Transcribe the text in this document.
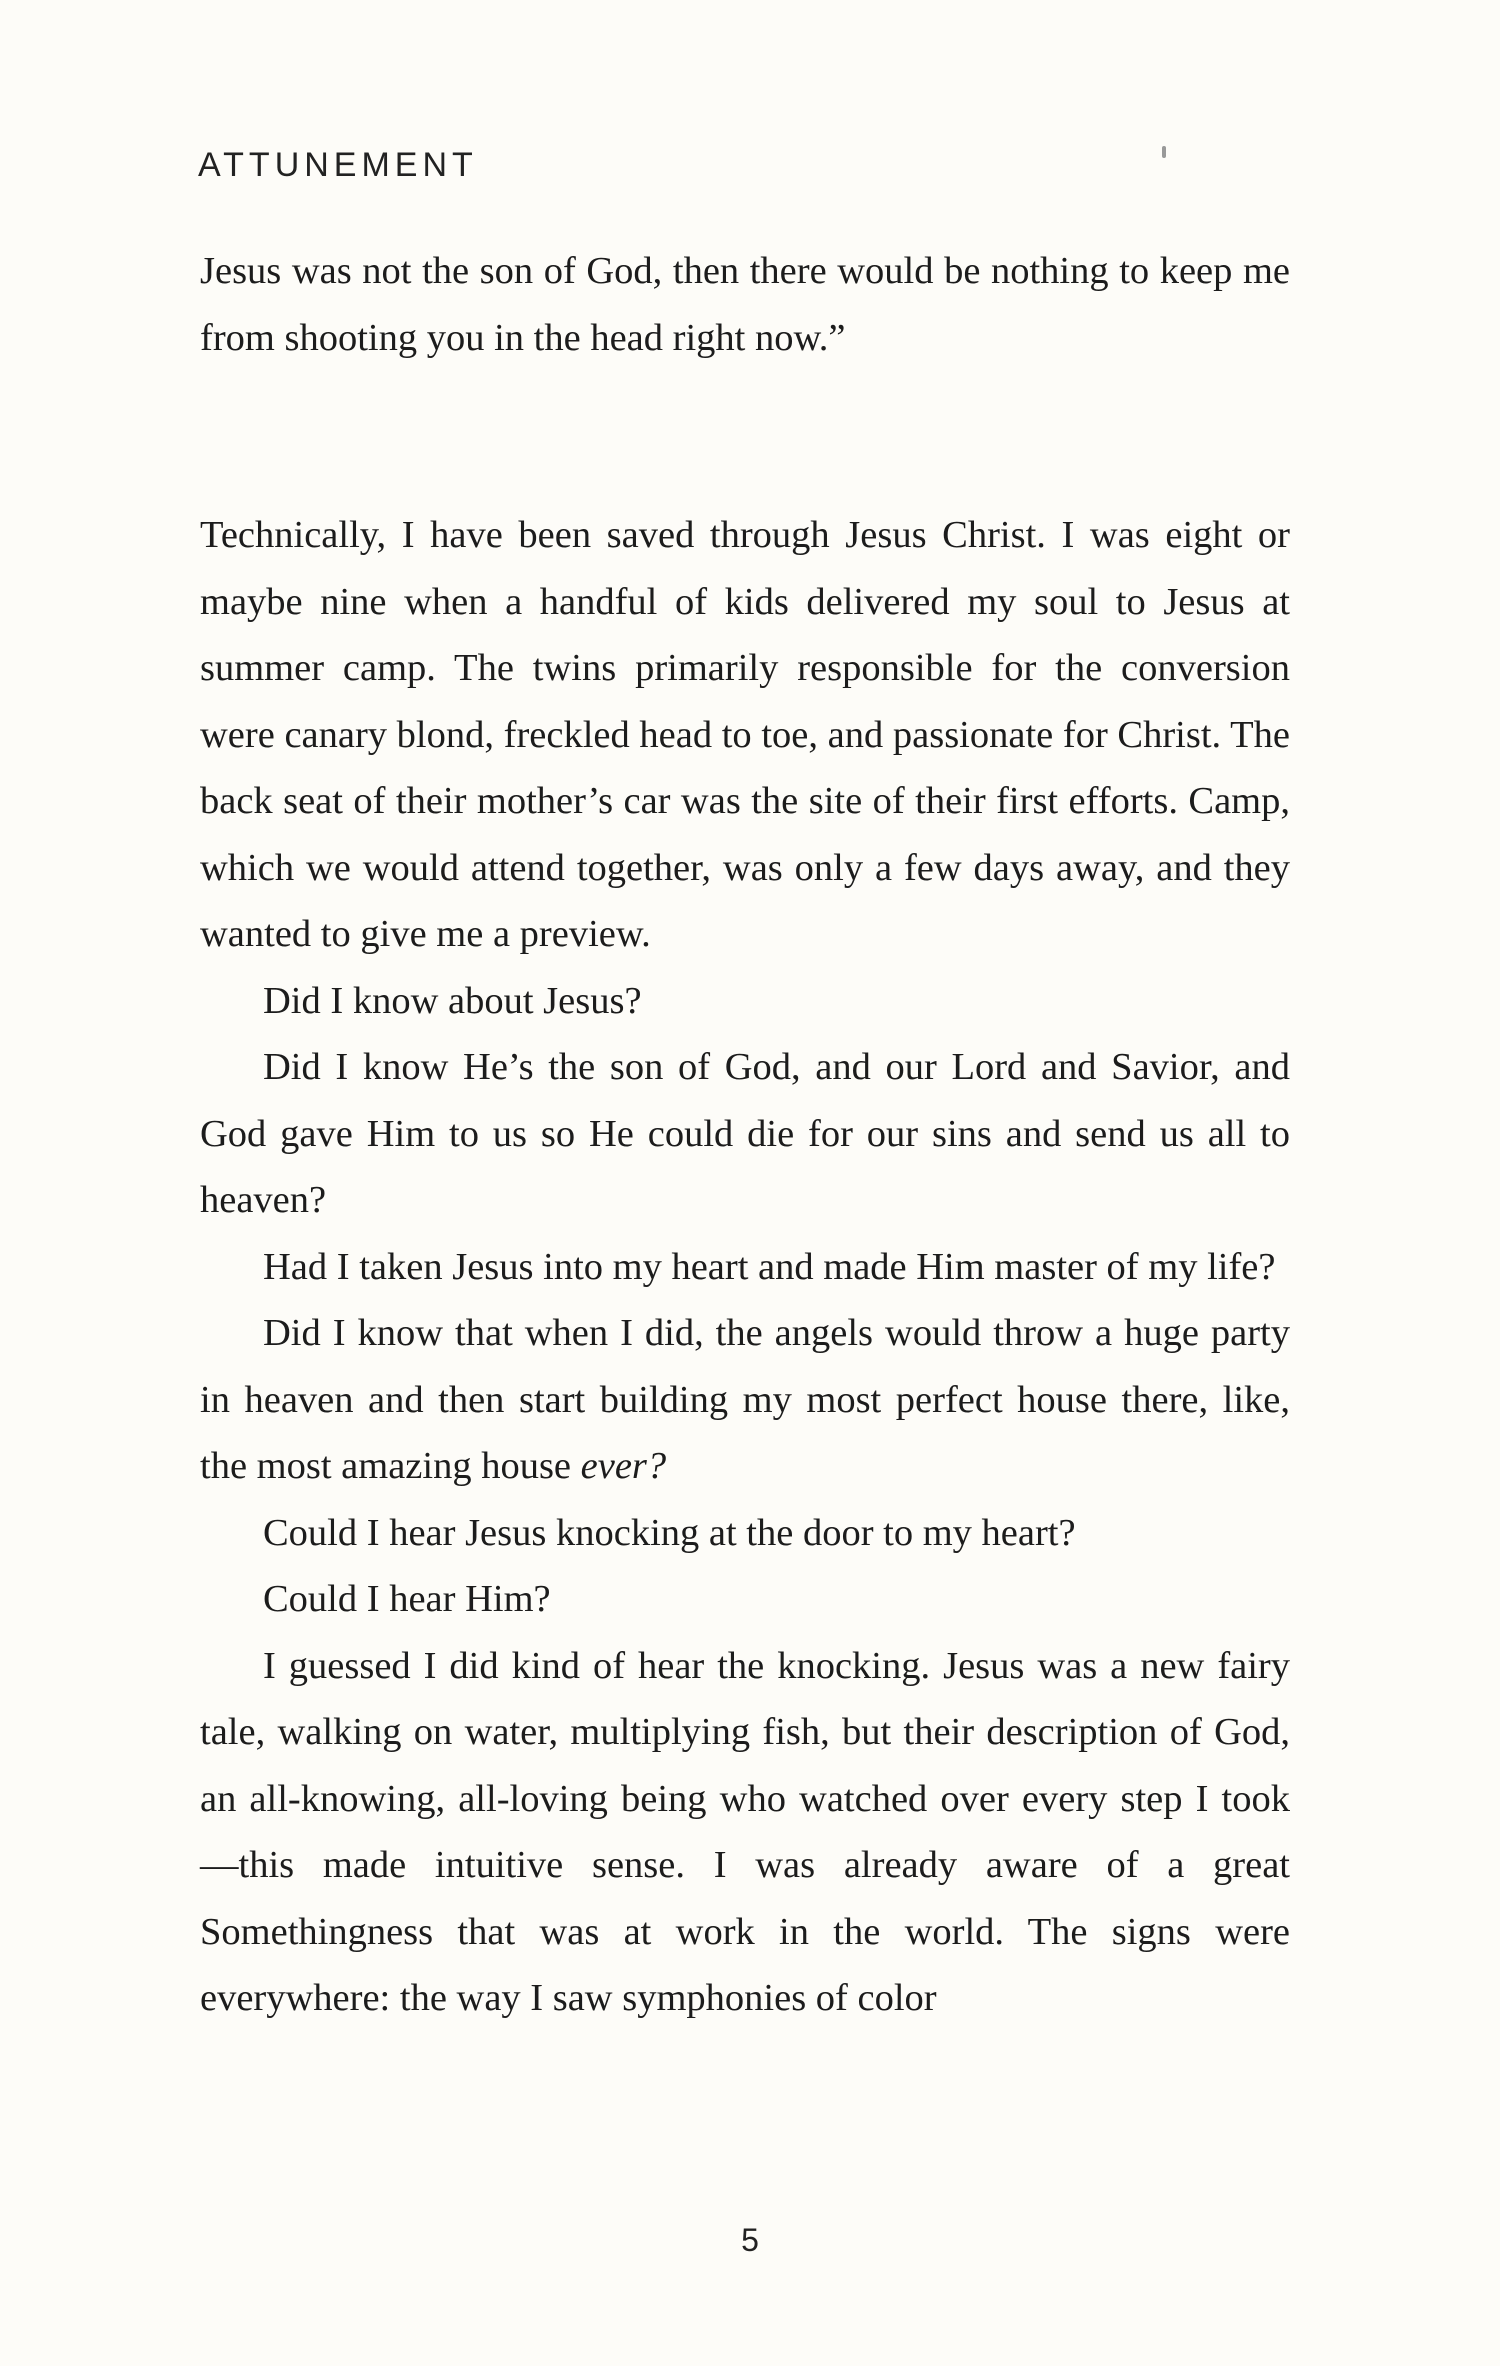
ATTUNEMENT

Jesus was not the son of God, then there would be nothing to keep me from shooting you in the head right now.”

Technically, I have been saved through Jesus Christ. I was eight or maybe nine when a handful of kids delivered my soul to Jesus at summer camp. The twins primarily responsible for the conversion were canary blond, freckled head to toe, and passionate for Christ. The back seat of their mother’s car was the site of their first efforts. Camp, which we would attend together, was only a few days away, and they wanted to give me a preview.

Did I know about Jesus?

Did I know He’s the son of God, and our Lord and Savior, and God gave Him to us so He could die for our sins and send us all to heaven?

Had I taken Jesus into my heart and made Him master of my life?

Did I know that when I did, the angels would throw a huge party in heaven and then start building my most perfect house there, like, the most amazing house ever?

Could I hear Jesus knocking at the door to my heart?

Could I hear Him?

I guessed I did kind of hear the knocking. Jesus was a new fairy tale, walking on water, multiplying fish, but their description of God, an all-knowing, all-loving being who watched over every step I took—this made intuitive sense. I was already aware of a great Somethingness that was at work in the world. The signs were everywhere: the way I saw symphonies of color

5
